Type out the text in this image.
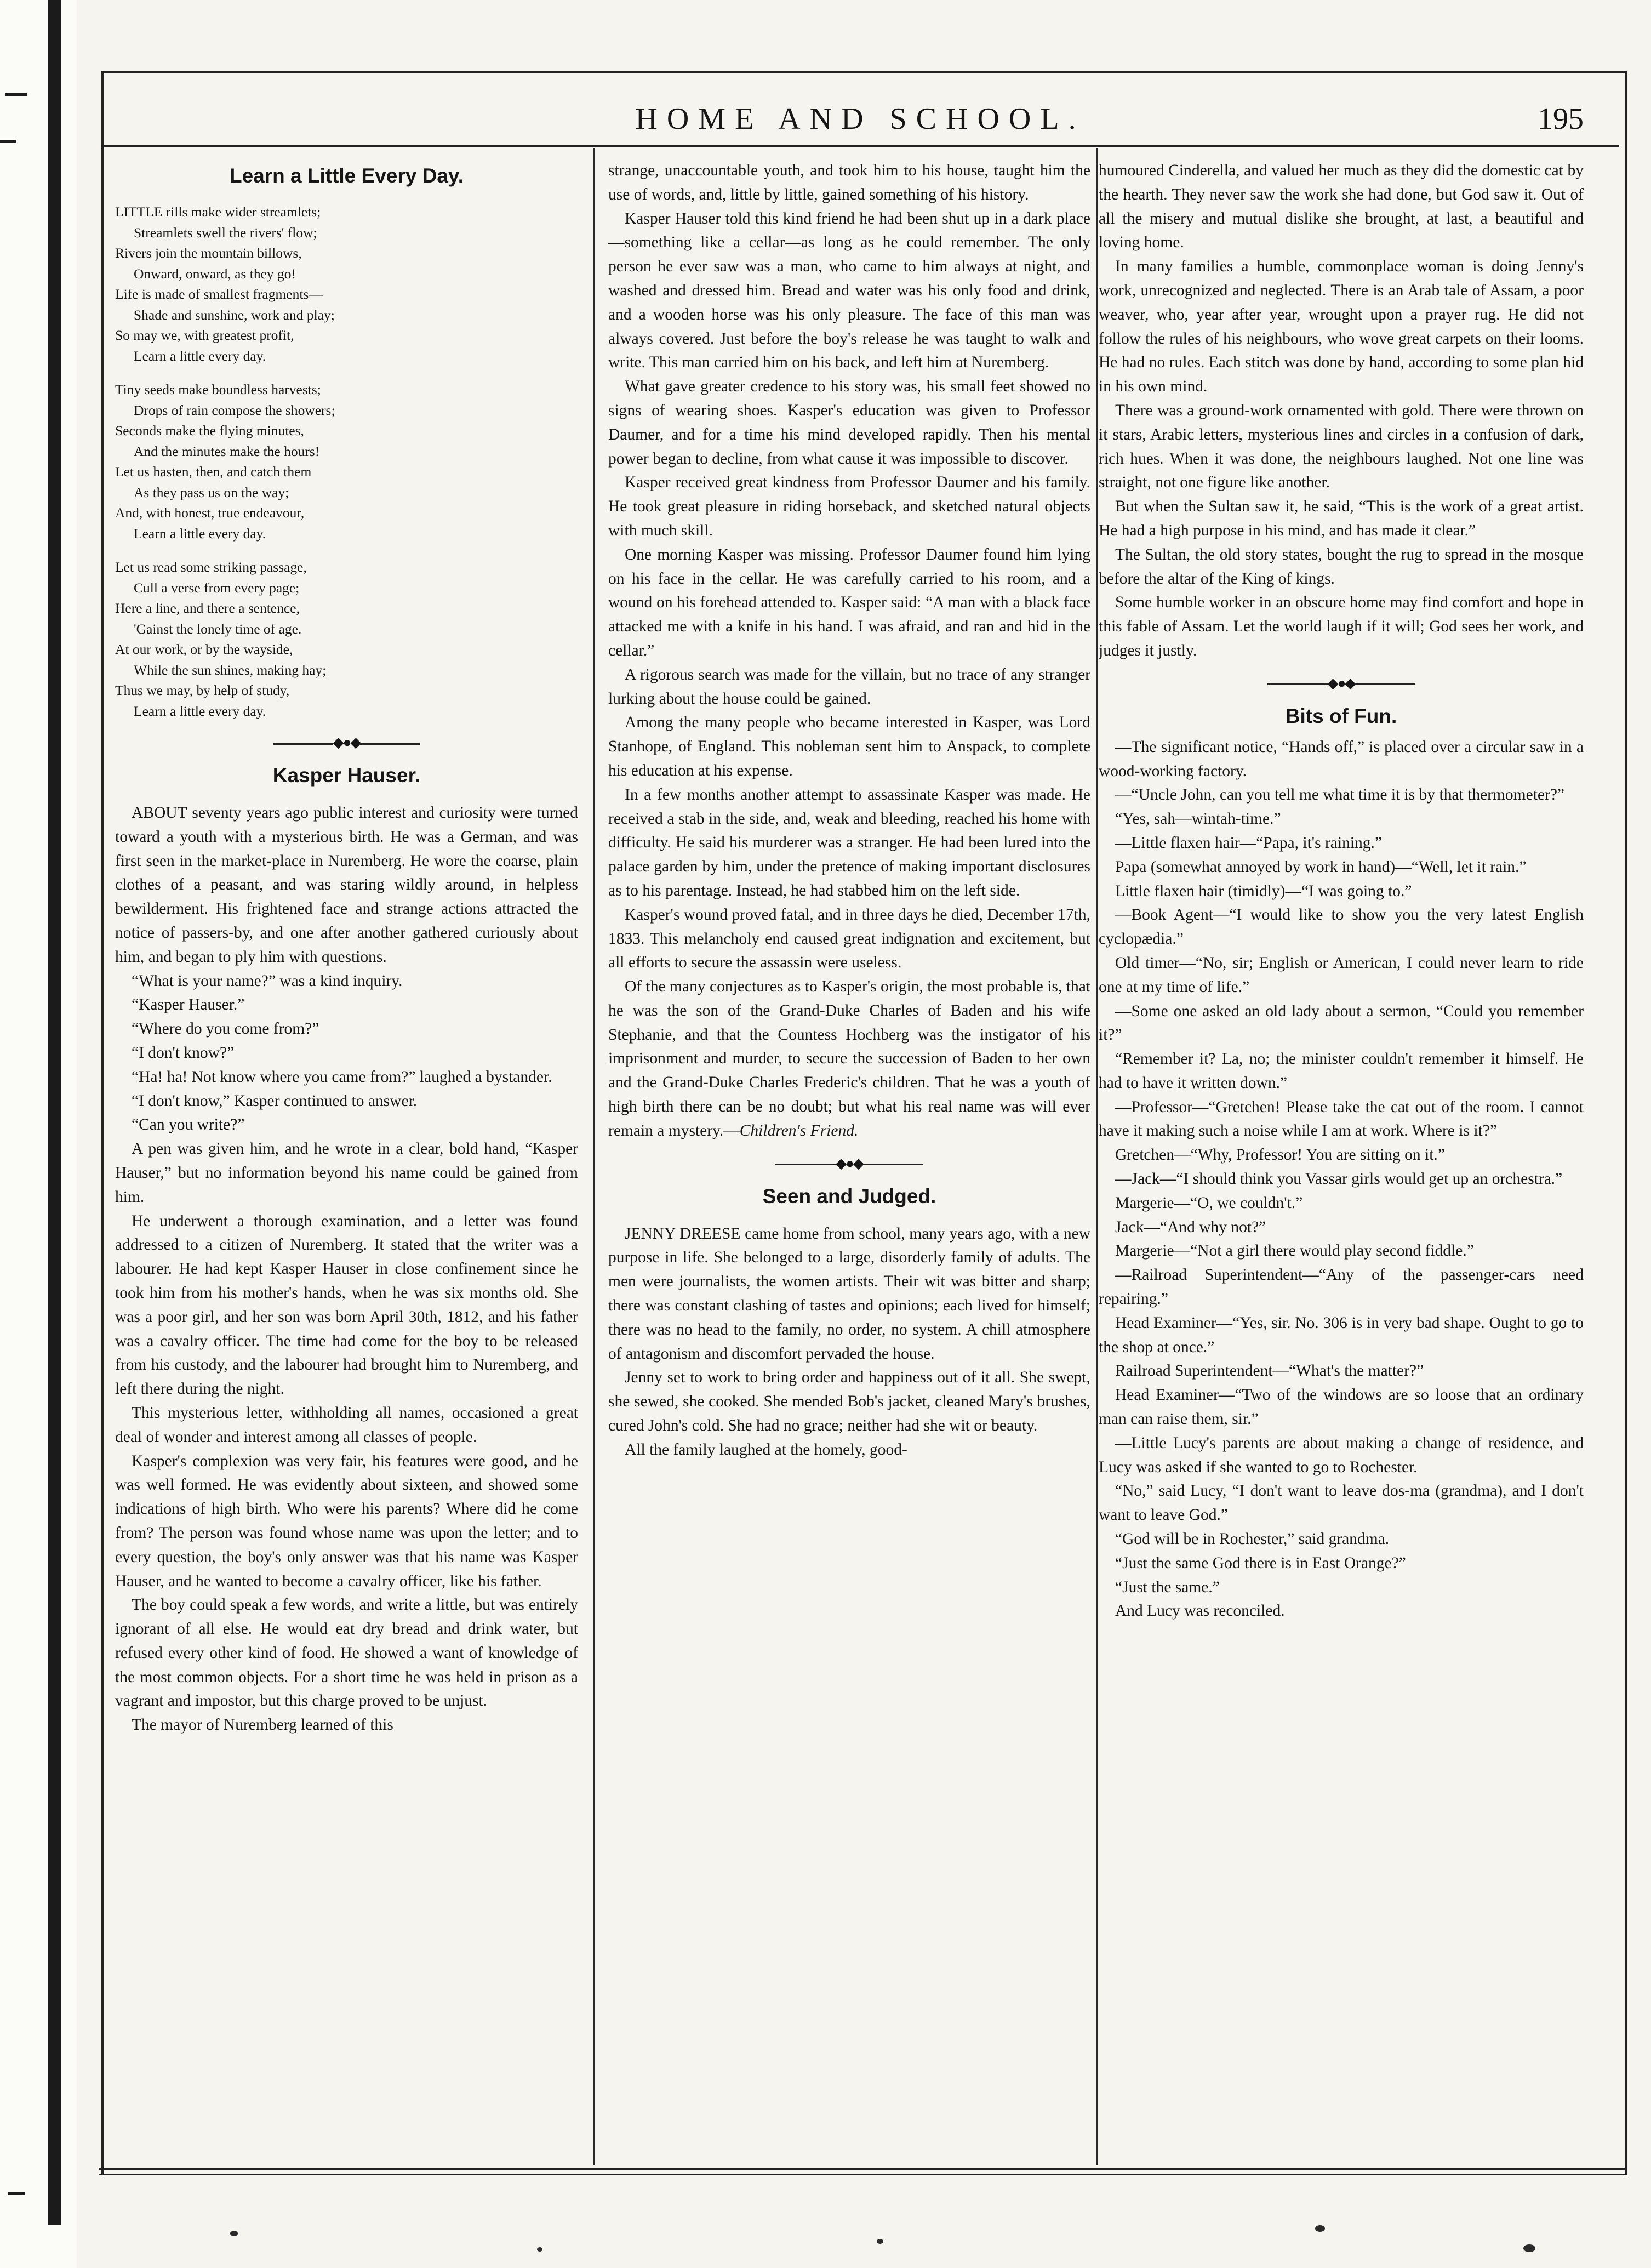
HOME AND SCHOOL.	195
Learn a Little Every Day.
LITTLE rills make wider streamlets;
Streamlets swell the rivers' flow;
Rivers join the mountain billows,
Onward, onward, as they go!
Life is made of smallest fragments—
Shade and sunshine, work and play;
So may we, with greatest profit,
Learn a little every day.
Tiny seeds make boundless harvests;
Drops of rain compose the showers;
Seconds make the flying minutes,
And the minutes make the hours!
Let us hasten, then, and catch them
As they pass us on the way;
And, with honest, true endeavour,
Learn a little every day.
Let us read some striking passage,
Cull a verse from every page;
Here a line, and there a sentence,
'Gainst the lonely time of age.
At our work, or by the wayside,
While the sun shines, making hay;
Thus we may, by help of study,
Learn a little every day.
◆●◆
Kasper Hauser.

ABOUT seventy years ago public interest and curiosity were turned toward a youth with a mysterious birth. He was a German, and was first seen in the market-place in Nuremberg. He wore the coarse, plain clothes of a peasant, and was staring wildly around, in helpless bewilderment. His frightened face and strange actions attracted the notice of passers-by, and one after another gathered curiously about him, and began to ply him with questions.

“What is your name?” was a kind inquiry.

“Kasper Hauser.”

“Where do you come from?”

“I don't know?”

“Ha! ha! Not know where you came from?” laughed a bystander.

“I don't know,” Kasper continued to answer.

“Can you write?”

A pen was given him, and he wrote in a clear, bold hand, “Kasper Hauser,” but no information beyond his name could be gained from him.

He underwent a thorough examination, and a letter was found addressed to a citizen of Nuremberg. It stated that the writer was a labourer. He had kept Kasper Hauser in close confinement since he took him from his mother's hands, when he was six months old. She was a poor girl, and her son was born April 30th, 1812, and his father was a cavalry officer. The time had come for the boy to be released from his custody, and the labourer had brought him to Nuremberg, and left there during the night.

This mysterious letter, withholding all names, occasioned a great deal of wonder and interest among all classes of people.

Kasper's complexion was very fair, his features were good, and he was well formed. He was evidently about sixteen, and showed some indications of high birth. Who were his parents? Where did he come from? The person was found whose name was upon the letter; and to every question, the boy's only answer was that his name was Kasper Hauser, and he wanted to become a cavalry officer, like his father.

The boy could speak a few words, and write a little, but was entirely ignorant of all else. He would eat dry bread and drink water, but refused every other kind of food. He showed a want of knowledge of the most common objects. For a short time he was held in prison as a vagrant and impostor, but this charge proved to be unjust.

The mayor of Nuremberg learned of this

strange, unaccountable youth, and took him to his house, taught him the use of words, and, little by little, gained something of his history.

Kasper Hauser told this kind friend he had been shut up in a dark place—something like a cellar—as long as he could remember. The only person he ever saw was a man, who came to him always at night, and washed and dressed him. Bread and water was his only food and drink, and a wooden horse was his only pleasure. The face of this man was always covered. Just before the boy's release he was taught to walk and write. This man carried him on his back, and left him at Nuremberg.

What gave greater credence to his story was, his small feet showed no signs of wearing shoes. Kasper's education was given to Professor Daumer, and for a time his mind developed rapidly. Then his mental power began to decline, from what cause it was impossible to discover.

Kasper received great kindness from Professor Daumer and his family. He took great pleasure in riding horseback, and sketched natural objects with much skill.

One morning Kasper was missing. Professor Daumer found him lying on his face in the cellar. He was carefully carried to his room, and a wound on his forehead attended to. Kasper said: “A man with a black face attacked me with a knife in his hand. I was afraid, and ran and hid in the cellar.”

A rigorous search was made for the villain, but no trace of any stranger lurking about the house could be gained.

Among the many people who became interested in Kasper, was Lord Stanhope, of England. This nobleman sent him to Anspack, to complete his education at his expense.

In a few months another attempt to assassinate Kasper was made. He received a stab in the side, and, weak and bleeding, reached his home with difficulty. He said his murderer was a stranger. He had been lured into the palace garden by him, under the pretence of making important disclosures as to his parentage. Instead, he had stabbed him on the left side.

Kasper's wound proved fatal, and in three days he died, December 17th, 1833. This melancholy end caused great indignation and excitement, but all efforts to secure the assassin were useless.

Of the many conjectures as to Kasper's origin, the most probable is, that he was the son of the Grand-Duke Charles of Baden and his wife Stephanie, and that the Countess Hochberg was the instigator of his imprisonment and murder, to secure the succession of Baden to her own and the Grand-Duke Charles Frederic's children. That he was a youth of high birth there can be no doubt; but what his real name was will ever remain a mystery.—Children's Friend.

◆●◆
Seen and Judged.

JENNY DREESE came home from school, many years ago, with a new purpose in life. She belonged to a large, disorderly family of adults. The men were journalists, the women artists. Their wit was bitter and sharp; there was constant clashing of tastes and opinions; each lived for himself; there was no head to the family, no order, no system. A chill atmosphere of antagonism and discomfort pervaded the house.

Jenny set to work to bring order and happiness out of it all. She swept, she sewed, she cooked. She mended Bob's jacket, cleaned Mary's brushes, cured John's cold. She had no grace; neither had she wit or beauty.

All the family laughed at the homely, good-

humoured Cinderella, and valued her much as they did the domestic cat by the hearth. They never saw the work she had done, but God saw it. Out of all the misery and mutual dislike she brought, at last, a beautiful and loving home.

In many families a humble, commonplace woman is doing Jenny's work, unrecognized and neglected. There is an Arab tale of Assam, a poor weaver, who, year after year, wrought upon a prayer rug. He did not follow the rules of his neighbours, who wove great carpets on their looms. He had no rules. Each stitch was done by hand, according to some plan hid in his own mind.

There was a ground-work ornamented with gold. There were thrown on it stars, Arabic letters, mysterious lines and circles in a confusion of dark, rich hues. When it was done, the neighbours laughed. Not one line was straight, not one figure like another.

But when the Sultan saw it, he said, “This is the work of a great artist. He had a high purpose in his mind, and has made it clear.”

The Sultan, the old story states, bought the rug to spread in the mosque before the altar of the King of kings.

Some humble worker in an obscure home may find comfort and hope in this fable of Assam. Let the world laugh if it will; God sees her work, and judges it justly.

◆●◆
Bits of Fun.

—The significant notice, “Hands off,” is placed over a circular saw in a wood-working factory.

—“Uncle John, can you tell me what time it is by that thermometer?”

“Yes, sah—wintah-time.”

—Little flaxen hair—“Papa, it's raining.”

Papa (somewhat annoyed by work in hand)—“Well, let it rain.”

Little flaxen hair (timidly)—“I was going to.”

—Book Agent—“I would like to show you the very latest English cyclopædia.”

Old timer—“No, sir; English or American, I could never learn to ride one at my time of life.”

—Some one asked an old lady about a sermon, “Could you remember it?”

“Remember it? La, no; the minister couldn't remember it himself. He had to have it written down.”

—Professor—“Gretchen! Please take the cat out of the room. I cannot have it making such a noise while I am at work. Where is it?”

Gretchen—“Why, Professor! You are sitting on it.”

—Jack—“I should think you Vassar girls would get up an orchestra.”

Margerie—“O, we couldn't.”

Jack—“And why not?”

Margerie—“Not a girl there would play second fiddle.”

—Railroad Superintendent—“Any of the passenger-cars need repairing.”

Head Examiner—“Yes, sir. No. 306 is in very bad shape. Ought to go to the shop at once.”

Railroad Superintendent—“What's the matter?”

Head Examiner—“Two of the windows are so loose that an ordinary man can raise them, sir.”

—Little Lucy's parents are about making a change of residence, and Lucy was asked if she wanted to go to Rochester.

“No,” said Lucy, “I don't want to leave dos-ma (grandma), and I don't want to leave God.”

“God will be in Rochester,” said grandma.

“Just the same God there is in East Orange?”

“Just the same.”

And Lucy was reconciled.
